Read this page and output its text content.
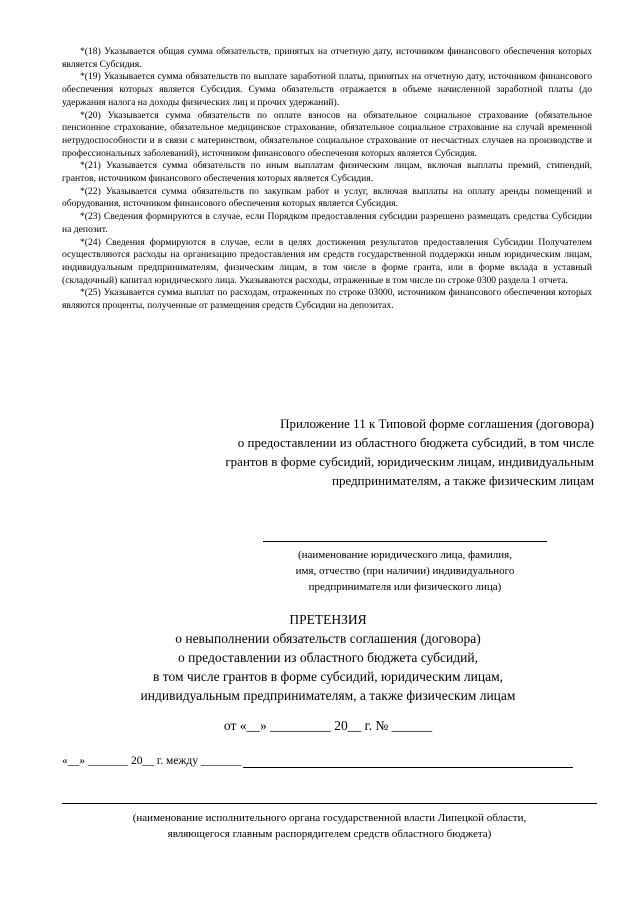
*(18) Указывается общая сумма обязательств, принятых на отчетную дату, источником финансового обеспечения которых является Субсидия.

*(19) Указывается сумма обязательств по выплате заработной платы, принятых на отчетную дату, источником финансового обеспечения которых является Субсидия. Сумма обязательств отражается в объеме начисленной заработной платы (до удержания налога на доходы физических лиц и прочих удержаний).

*(20) Указывается сумма обязательств по оплате взносов на обязательное социальное страхование (обязательное пенсионное страхование, обязательное медицинское страхование, обязательное социальное страхование на случай временной нетрудоспособности и в связи с материнством, обязательное социальное страхование от несчастных случаев на производстве и профессиональных заболеваний), источником финансового обеспечения которых является Субсидия.

*(21) Указывается сумма обязательств по иным выплатам физическим лицам, включая выплаты премий, стипендий, грантов, источником финансового обеспечения которых является Субсидия.

*(22) Указывается сумма обязательств по закупкам работ и услуг, включая выплаты на оплату аренды помещений и оборудования, источником финансового обеспечения которых является Субсидия.

*(23) Сведения формируются в случае, если Порядком предоставления субсидии разрешено размещать средства Субсидии на депозит.

*(24) Сведения формируются в случае, если в целях достижения результатов предоставления Субсидии Получателем осуществляются расходы на организацию предоставления им средств государственной поддержки иным юридическим лицам, индивидуальным предпринимателям, физическим лицам, в том числе в форме гранта, или в форме вклада в уставный (складочный) капитал юридического лица. Указываются расходы, отраженные в том числе по строке 0300 раздела 1 отчета.

*(25) Указывается сумма выплат по расходам, отраженных по строке 03000, источником финансового обеспечения которых являются проценты, полученные от размещения средств Субсидии на депозитах.

Приложение 11 к Типовой форме соглашения (договора)
о предоставлении из областного бюджета субсидий, в том числе
грантов в форме субсидий, юридическим лицам, индивидуальным
предпринимателям, а также физическим лицам
(наименование юридического лица, фамилия,
имя, отчество (при наличии) индивидуального
предпринимателя или физического лица)
ПРЕТЕНЗИЯ
о невыполнении обязательств соглашения (договора)
о предоставлении из областного бюджета субсидий,
в том числе грантов в форме субсидий, юридическим лицам,
индивидуальным предпринимателям, а также физическим лицам
от «__» _________ 20__ г. № ______
«__» _______ 20__ г. между _______
(наименование исполнительного органа государственной власти Липецкой области,
являющегося главным распорядителем средств областного бюджета)
